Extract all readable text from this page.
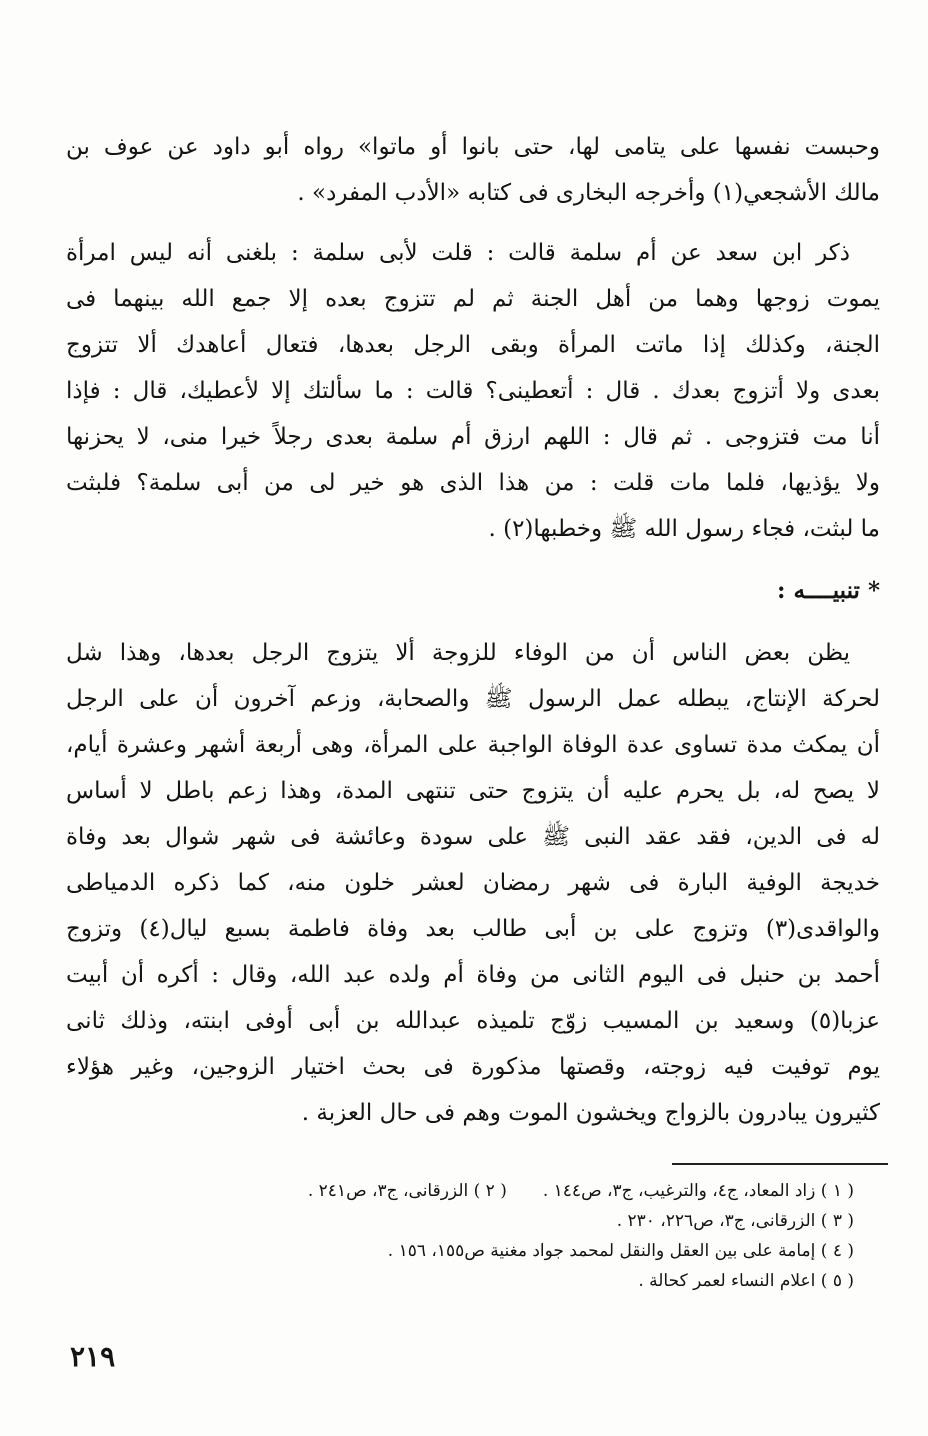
وحبست نفسها على يتامى لها، حتى بانوا أو ماتوا» رواه أبو داود عن عوف بن
مالك الأشجعي(١) وأخرجه البخارى فى كتابه «الأدب المفرد» .
ذكر ابن سعد عن أم سلمة قالت : قلت لأبى سلمة : بلغنى أنه ليس امرأة
يموت زوجها وهما من أهل الجنة ثم لم تتزوج بعده إلا جمع الله بينهما فى
الجنة، وكذلك إذا ماتت المرأة وبقى الرجل بعدها، فتعال أعاهدك ألا تتزوج
بعدى ولا أتزوج بعدك . قال : أتعطينى؟ قالت : ما سألتك إلا لأعطيك، قال : فإذا
أنا مت فتزوجى . ثم قال : اللهم ارزق أم سلمة بعدى رجلاً خيرا منى، لا يحزنها
ولا يؤذيها، فلما مات قلت : من هذا الذى هو خير لى من أبى سلمة؟ فلبثت
ما لبثت، فجاء رسول الله ﷺ وخطبها(٢) .
* تنبيــــه :
يظن بعض الناس أن من الوفاء للزوجة ألا يتزوج الرجل بعدها، وهذا شل
لحركة الإنتاج، يبطله عمل الرسول ﷺ والصحابة، وزعم آخرون أن على الرجل
أن يمكث مدة تساوى عدة الوفاة الواجبة على المرأة، وهى أربعة أشهر وعشرة أيام،
لا يصح له، بل يحرم عليه أن يتزوج حتى تنتهى المدة، وهذا زعم باطل لا أساس
له فى الدين، فقد عقد النبى ﷺ على سودة وعائشة فى شهر شوال بعد وفاة
خديجة الوفية البارة فى شهر رمضان لعشر خلون منه، كما ذكره الدمياطى
والواقدى(٣) وتزوج على بن أبى طالب بعد وفاة فاطمة بسبع ليال(٤) وتزوج
أحمد بن حنبل فى اليوم الثانى من وفاة أم ولده عبد الله، وقال : أكره أن أبيت
عزبا(٥) وسعيد بن المسيب زوّج تلميذه عبدالله بن أبى أوفى ابنته، وذلك ثانى
يوم توفيت فيه زوجته، وقصتها مذكورة فى بحث اختيار الزوجين، وغير هؤلاء
كثيرون يبادرون بالزواج ويخشون الموت وهم فى حال العزبة .
( ١ ) زاد المعاد، ج٤، والترغيب، ج٣، ص١٤٤ .
( ٢ ) الزرقانى، ج٣، ص٢٤١ .
( ٣ ) الزرقانى، ج٣، ص٢٢٦، ٢٣٠ .
( ٤ ) إمامة على بين العقل والنقل لمحمد جواد مغنية ص١٥٥، ١٥٦ .
( ٥ ) اعلام النساء لعمر كحالة .
٢١٩
